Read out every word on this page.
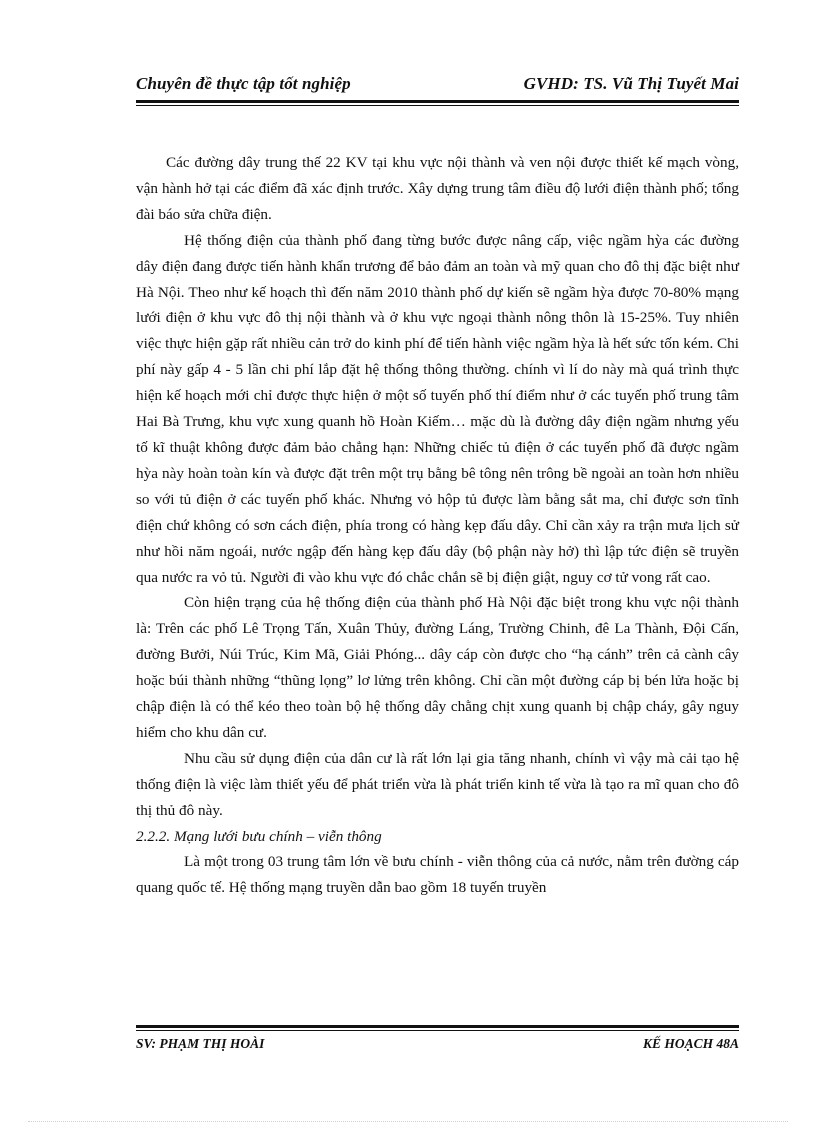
Chuyên đề thực tập tốt nghiệp	GVHD: TS. Vũ Thị Tuyết Mai

Các đường dây trung thế 22 KV tại khu vực nội thành và ven nội được thiết kế mạch vòng, vận hành hở tại các điểm đã xác định trước. Xây dựng trung tâm điều độ lưới điện thành phố; tổng đài báo sửa chữa điện.

Hệ thống điện của thành phố đang từng bước được nâng cấp, việc ngầm hỳa các đường dây điện đang được tiến hành khẩn trương để bảo đảm an toàn và mỹ quan cho đô thị đặc biệt như Hà Nội. Theo như kế hoạch thì đến năm 2010 thành phố dự kiến sẽ ngầm hỳa được 70-80% mạng lưới điện ở khu vực đô thị nội thành và ở khu vực ngoại thành nông thôn là 15-25%. Tuy nhiên việc thực hiện gặp rất nhiều cản trở do kinh phí để tiến hành việc ngầm hỳa là hết sức tốn kém. Chi phí này gấp 4 - 5 lần chi phí lắp đặt hệ thống thông thường. chính vì lí do này mà quá trình thực hiện kế hoạch mới chỉ được thực hiện ở một số tuyến phố thí điểm như ở các tuyến phố trung tâm Hai Bà Trưng, khu vực xung quanh hồ Hoàn Kiếm… mặc dù là đường dây điện ngầm nhưng yếu tố kĩ thuật không được đảm bảo chẳng hạn: Những chiếc tủ điện ở các tuyến phố đã được ngầm hỳa này hoàn toàn kín và được đặt trên một trụ bằng bê tông nên trông bề ngoài an toàn hơn nhiều so với tủ điện ở các tuyến phố khác. Nhưng vỏ hộp tủ được làm bằng sắt ma, chỉ được sơn tĩnh điện chứ không có sơn cách điện, phía trong có hàng kẹp đấu dây. Chỉ cần xảy ra trận mưa lịch sử như hồi năm ngoái, nước ngập đến hàng kẹp đấu dây (bộ phận này hở) thì lập tức điện sẽ truyền qua nước ra vỏ tủ. Người đi vào khu vực đó chắc chắn sẽ bị điện giật, nguy cơ tử vong rất cao.

Còn hiện trạng của hệ thống điện của thành phố Hà Nội đặc biệt trong khu vực nội thành là: Trên các phố Lê Trọng Tấn, Xuân Thủy, đường Láng, Trường Chinh, đê La Thành, Đội Cấn, đường Bưởi, Núi Trúc, Kim Mã, Giải Phóng... dây cáp còn được cho “hạ cánh” trên cả cành cây hoặc búi thành những “thũng lọng” lơ lửng trên không. Chỉ cần một đường cáp bị bén lửa hoặc bị chập điện là có thể kéo theo toàn bộ hệ thống dây chằng chịt xung quanh bị chập cháy, gây nguy hiểm cho khu dân cư.

Nhu cầu sử dụng điện của dân cư là rất lớn lại gia tăng nhanh, chính vì vậy mà cải tạo hệ thống điện là việc làm thiết yếu để phát triển vừa là phát triển kinh tế vừa là tạo ra mĩ quan cho đô thị thủ đô này.

2.2.2. Mạng lưới bưu chính – viễn thông

Là một trong 03 trung tâm lớn về bưu chính - viễn thông của cả nước, nằm trên đường cáp quang quốc tế. Hệ thống mạng truyền dẫn bao gồm 18 tuyến truyền

SV: PHẠM THỊ HOÀI	KẾ HOẠCH 48A
